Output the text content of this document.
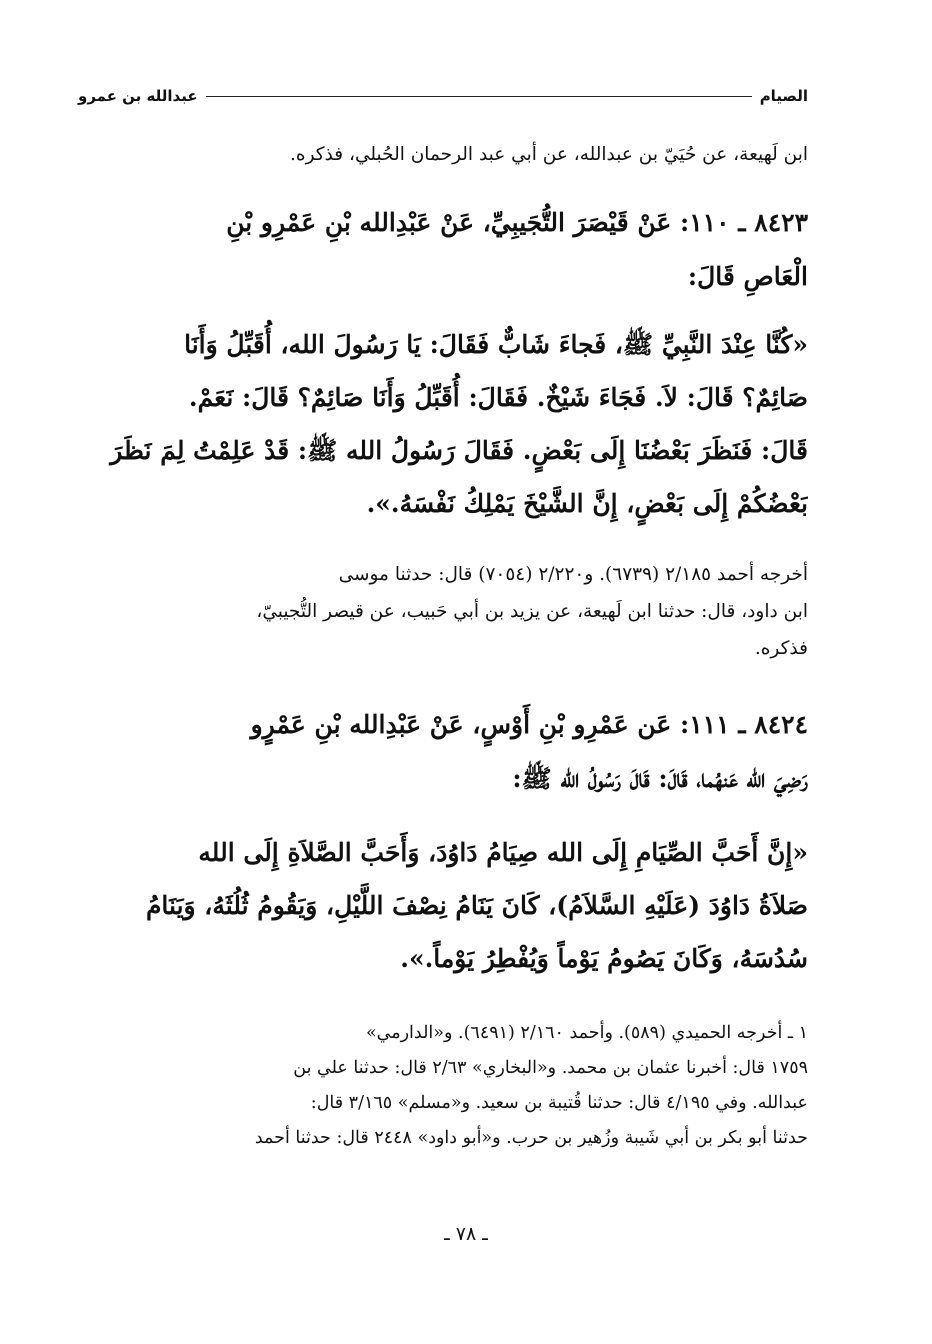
الصيام
عبدالله بن عمرو
ابن لَهيعة، عن حُيَيّ بن عبدالله، عن أبي عبد الرحمان الحُبلي، فذكره.
٨٤٢٣ ـ ١١٠: عَنْ قَيْصَرَ التُّجَيبِيِّ، عَنْ عَبْدِالله بْنِ عَمْرِو بْنِ
الْعَاصِ قَالَ:
«كُنَّا عِنْدَ النَّبِيِّ ﷺ، فَجاءَ شَابٌّ فَقَالَ: يَا رَسُولَ الله، أُقَبِّلُ وَأَنَا
صَائِمٌ؟ قَالَ: لاَ. فَجَاءَ شَيْخٌ. فَقَالَ: أُقَبِّلُ وَأَنَا صَائِمٌ؟ قَالَ: نَعَمْ.
قَالَ: فَنَظَرَ بَعْضُنَا إِلَى بَعْضٍ. فَقَالَ رَسُولُ الله ﷺ: قَدْ عَلِمْتُ لِمَ نَظَرَ
بَعْضُكُمْ إِلَى بَعْضٍ، إِنَّ الشَّيْخَ يَمْلِكُ نَفْسَهُ.».
أخرجه أحمد ٢/١٨٥ (٦٧٣٩). و٢/٢٢٠ (٧٠٥٤) قال: حدثنا موسى
ابن داود، قال: حدثنا ابن لَهيعة، عن يزيد بن أبي حَبيب، عن قيصر التُّجيبيّ،
فذكره.
٨٤٢٤ ـ ١١١: عَن عَمْرِو بْنِ أَوْسٍ، عَنْ عَبْدِالله بْنِ عَمْرٍو
رَضِيَ الله عَنهُما، قَالَ: قَالَ رَسُولُ الله ﷺ:
«إِنَّ أَحَبَّ الصِّيَامِ إِلَى الله صِيَامُ دَاوُدَ، وَأَحَبَّ الصَّلاَةِ إِلَى الله
صَلاَةُ دَاوُدَ (عَلَيْهِ السَّلاَمُ)، كَانَ يَنَامُ نِصْفَ اللَّيْلِ، وَيَقُومُ ثُلُثَهُ، وَيَنَامُ
سُدُسَهُ، وَكَانَ يَصُومُ يَوْماً وَيُفْطِرُ يَوْماً.».
١ ـ أخرجه الحميدي (٥٨٩). وأحمد ٢/١٦٠ (٦٤٩١). و«الدارمي»
١٧٥٩ قال: أخبرنا عثمان بن محمد. و«البخاري» ٢/٦٣ قال: حدثنا علي بن
عبدالله. وفي ٤/١٩٥ قال: حدثنا قُتيبة بن سعيد. و«مسلم» ٣/١٦٥ قال:
حدثنا أبو بكر بن أبي شَيبة وزُهير بن حرب. و«أبو داود» ٢٤٤٨ قال: حدثنا أحمد
ـ ٧٨ ـ
